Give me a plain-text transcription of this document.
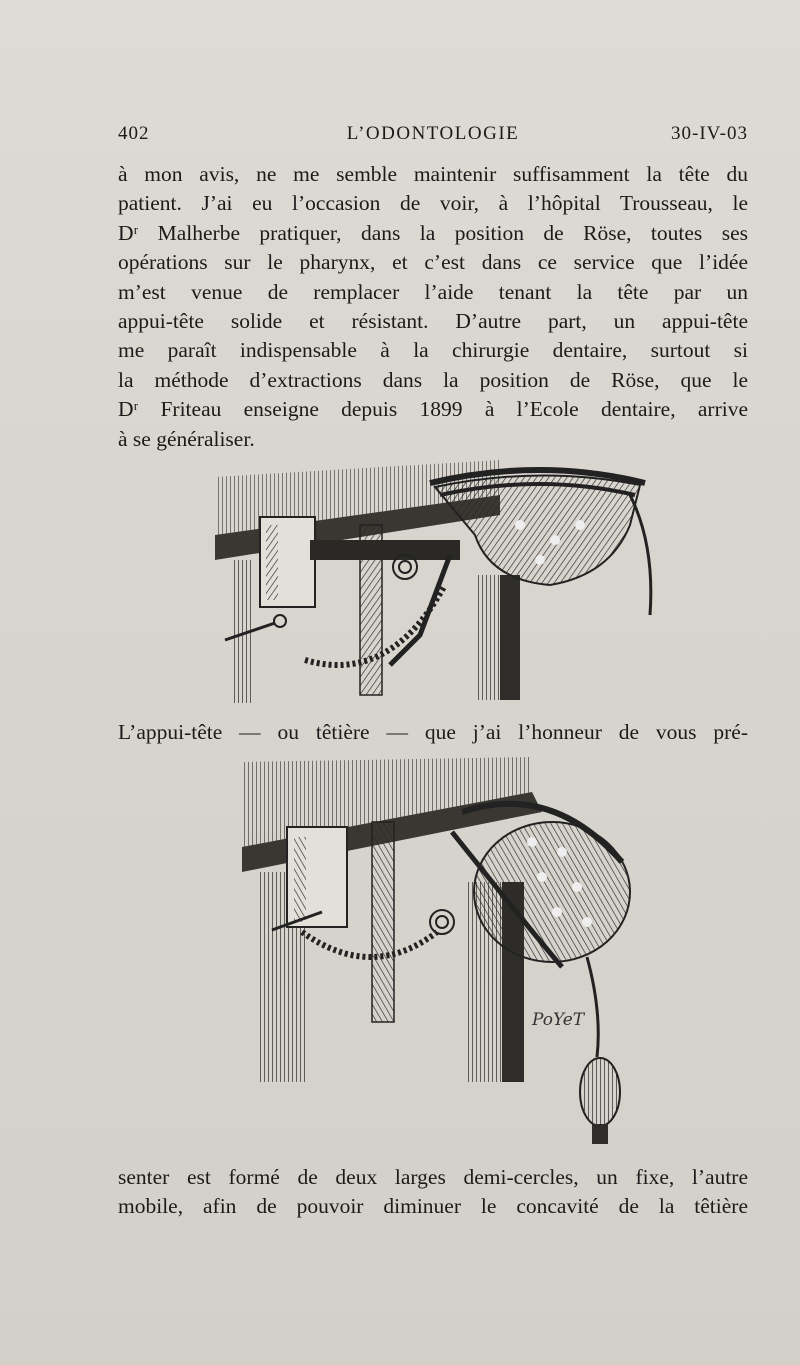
402	L’ODONTOLOGIE	30-IV-03
à mon avis, ne me semble maintenir suffisamment la tête du
patient. J’ai eu l’occasion de voir, à l’hôpital Trousseau, le
Dʳ Malherbe pratiquer, dans la position de Röse, toutes ses
opérations sur le pharynx, et c’est dans ce service que l’idée
m’est venue de remplacer l’aide tenant la tête par un
appui-tête solide et résistant. D’autre part, un appui-tête
me paraît indispensable à la chirurgie dentaire, surtout si
la méthode d’extractions dans la position de Röse, que le
Dʳ Friteau enseigne depuis 1899 à l’Ecole dentaire, arrive
à se généraliser.
L’appui-tête — ou têtière — que j’ai l’honneur de vous pré-
PoYeT
senter est formé de deux larges demi-cercles, un fixe, l’autre
mobile, afin de pouvoir diminuer le concavité de la têtière
